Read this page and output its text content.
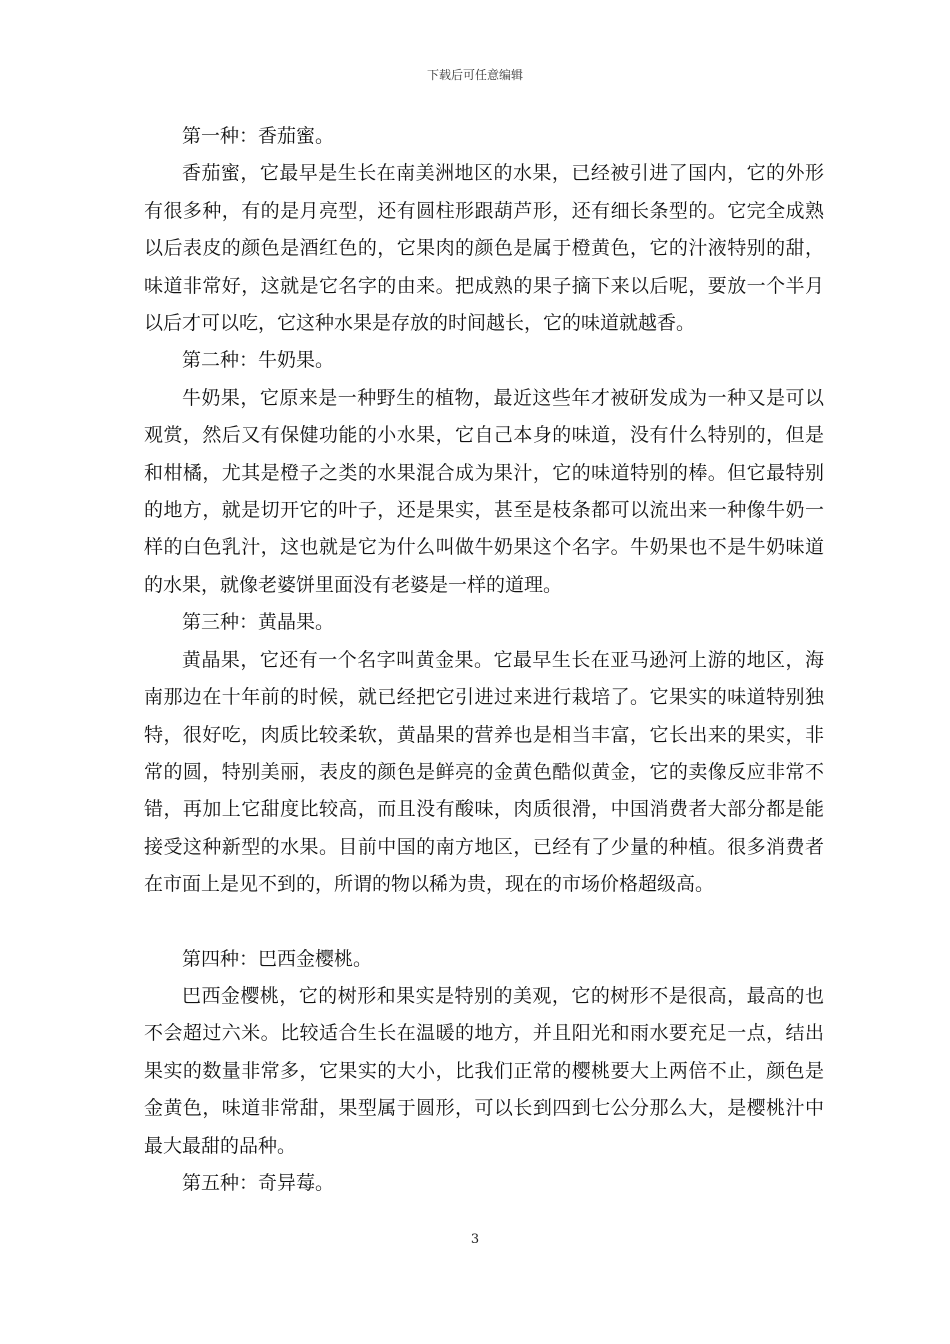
下载后可任意编辑

第一种：香茄蜜。

香茄蜜，它最早是生长在南美洲地区的水果，已经被引进了国内，它的外形有很多种，有的是月亮型，还有圆柱形跟葫芦形，还有细长条型的。它完全成熟以后表皮的颜色是酒红色的，它果肉的颜色是属于橙黄色，它的汁液特别的甜，味道非常好，这就是它名字的由来。把成熟的果子摘下来以后呢，要放一个半月以后才可以吃，它这种水果是存放的时间越长，它的味道就越香。

第二种：牛奶果。

牛奶果，它原来是一种野生的植物，最近这些年才被研发成为一种又是可以观赏，然后又有保健功能的小水果，它自己本身的味道，没有什么特别的，但是和柑橘，尤其是橙子之类的水果混合成为果汁，它的味道特别的棒。但它最特别的地方，就是切开它的叶子，还是果实，甚至是枝条都可以流出来一种像牛奶一样的白色乳汁，这也就是它为什么叫做牛奶果这个名字。牛奶果也不是牛奶味道的水果，就像老婆饼里面没有老婆是一样的道理。

第三种：黄晶果。

黄晶果，它还有一个名字叫黄金果。它最早生长在亚马逊河上游的地区，海南那边在十年前的时候，就已经把它引进过来进行栽培了。它果实的味道特别独特，很好吃，肉质比较柔软，黄晶果的营养也是相当丰富，它长出来的果实，非常的圆，特别美丽，表皮的颜色是鲜亮的金黄色酷似黄金，它的卖像反应非常不错，再加上它甜度比较高，而且没有酸味，肉质很滑，中国消费者大部分都是能接受这种新型的水果。目前中国的南方地区，已经有了少量的种植。很多消费者在市面上是见不到的，所谓的物以稀为贵，现在的市场价格超级高。

第四种：巴西金樱桃。

巴西金樱桃，它的树形和果实是特别的美观，它的树形不是很高，最高的也不会超过六米。比较适合生长在温暖的地方，并且阳光和雨水要充足一点，结出果实的数量非常多，它果实的大小，比我们正常的樱桃要大上两倍不止，颜色是金黄色，味道非常甜，果型属于圆形，可以长到四到七公分那么大，是樱桃汁中最大最甜的品种。

第五种：奇异莓。

3
